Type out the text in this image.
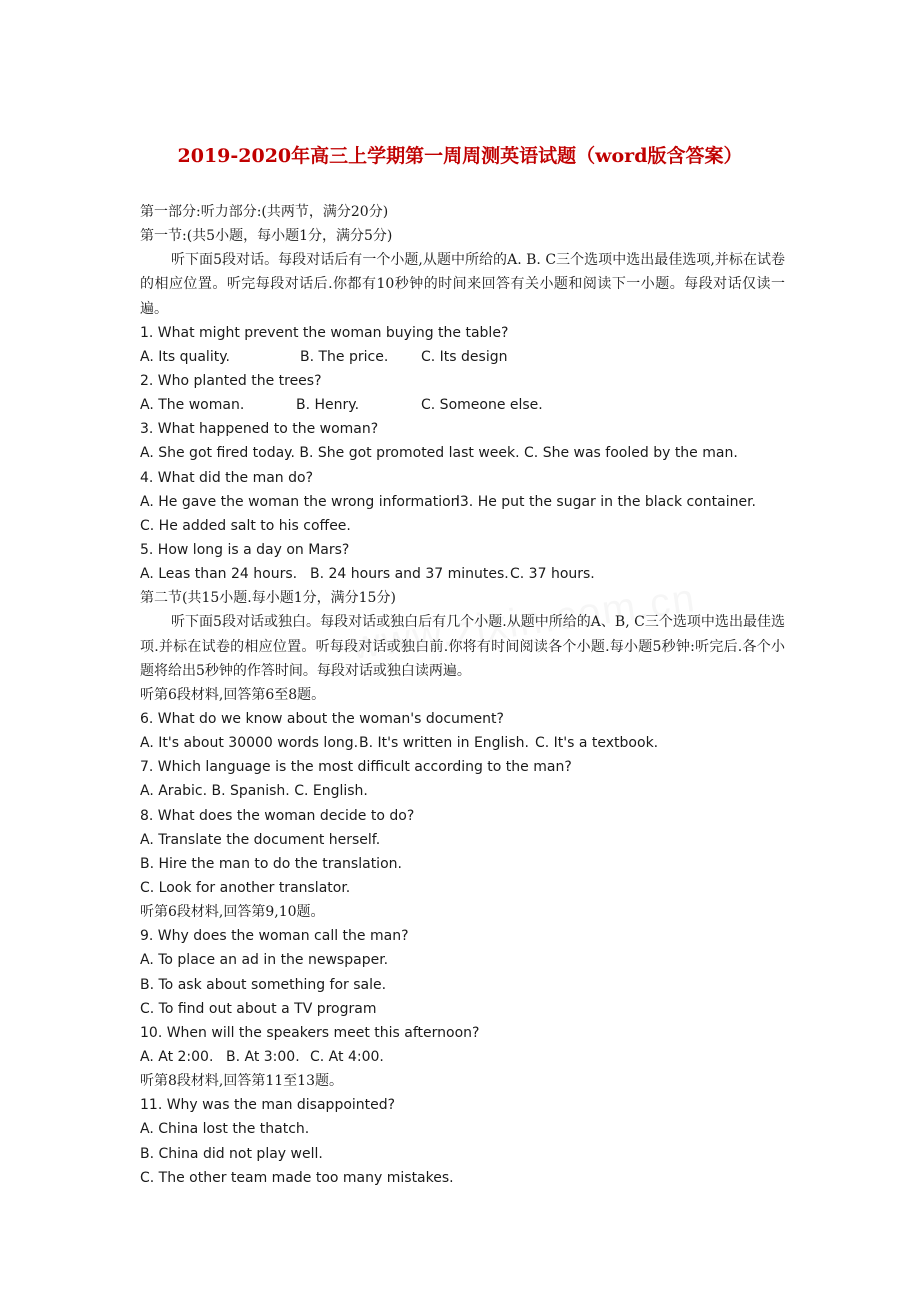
2019-2020年高三上学期第一周周测英语试题（word版含答案）
第一部分:听力部分:(共两节，满分20分)
第一节:(共5小题，每小题1分，满分5分)
听下面5段对话。每段对话后有一个小题,从题中所给的A. B. C三个选项中选出最佳选项,并标在试卷的相应位置。听完每段对话后.你都有10秒钟的时间来回答有关小题和阅读下一小题。每段对话仅读一遍。
1. What might prevent the woman buying the table?
A. Its quality.	B. The price. C. Its design
2. Who planted the trees?
A. The woman.	B. Henry.	C. Someone else.
3. What happened to the woman?
A. She got fired today. B. She got promoted last week. C. She was fooled by the man.
4. What did the man do?
A. He gave the woman the wrong informationl3. He put the sugar in the black container.
C. He added salt to his coffee.
5. How long is a day on Mars?
A. Leas than 24 hours. B. 24 hours and 37 minutes.C. 37 hours.
第二节(共15小题.每小题1分，满分15分)
听下面5段对话或独白。每段对话或独白后有几个小题.从题中所给的A、B, C三个选项中选出最佳选项.并标在试卷的相应位置。听每段对话或独白前.你将有时间阅读各个小题.每小题5秒钟:听完后.各个小题将给出5秒钟的作答时间。每段对话或独白读两遍。
听第6段材料,回答第6至8题。
6. What do we know about the woman's document?
A. It's about 30000 words long.B. It's written in English. C. It's a textbook.
7. Which language is the most difficult according to the man?
A. Arabic. B. Spanish. C. English.
8. What does the woman decide to do?
A. Translate the document herself.
B. Hire the man to do the translation.
C. Look for another translator.
听第6段材料,回答第9,10题。
9. Why does the woman call the man?
A. To place an ad in the newspaper.
B. To ask about something for sale.
C. To find out about a TV program
10. When will the speakers meet this afternoon?
A. At 2:00. B. At 3:00. C. At 4:00.
听第8段材料,回答第11至13题。
11. Why was the man disappointed?
A. China lost the thatch.
B. China did not play well.
C. The other team made too many mistakes.
